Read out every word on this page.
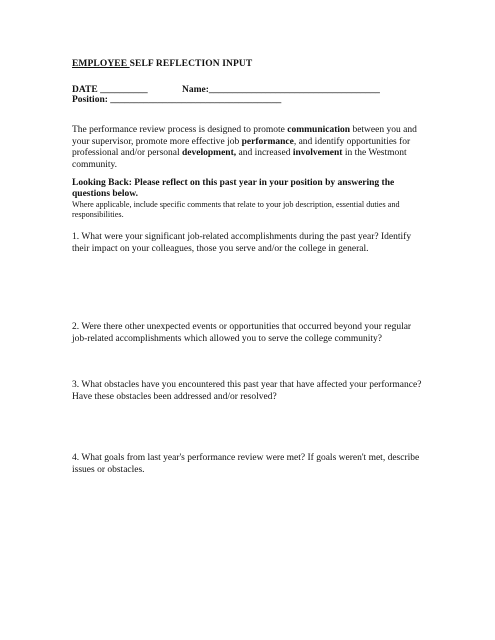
EMPLOYEE SELF REFLECTION INPUT
DATE __________	Name:____________________________________
Position: ____________________________________
The performance review process is designed to promote communication between you and your supervisor, promote more effective job performance, and identify opportunities for professional and/or personal development, and increased involvement in the Westmont community.
Looking Back: Please reflect on this past year in your position by answering the questions below.
Where applicable, include specific comments that relate to your job description, essential duties and responsibilities.
1. What were your significant job-related accomplishments during the past year? Identify their impact on your colleagues, those you serve and/or the college in general.
2. Were there other unexpected events or opportunities that occurred beyond your regular job-related accomplishments which allowed you to serve the college community?
3. What obstacles have you encountered this past year that have affected your performance? Have these obstacles been addressed and/or resolved?
4. What goals from last year's performance review were met? If goals weren't met, describe issues or obstacles.
